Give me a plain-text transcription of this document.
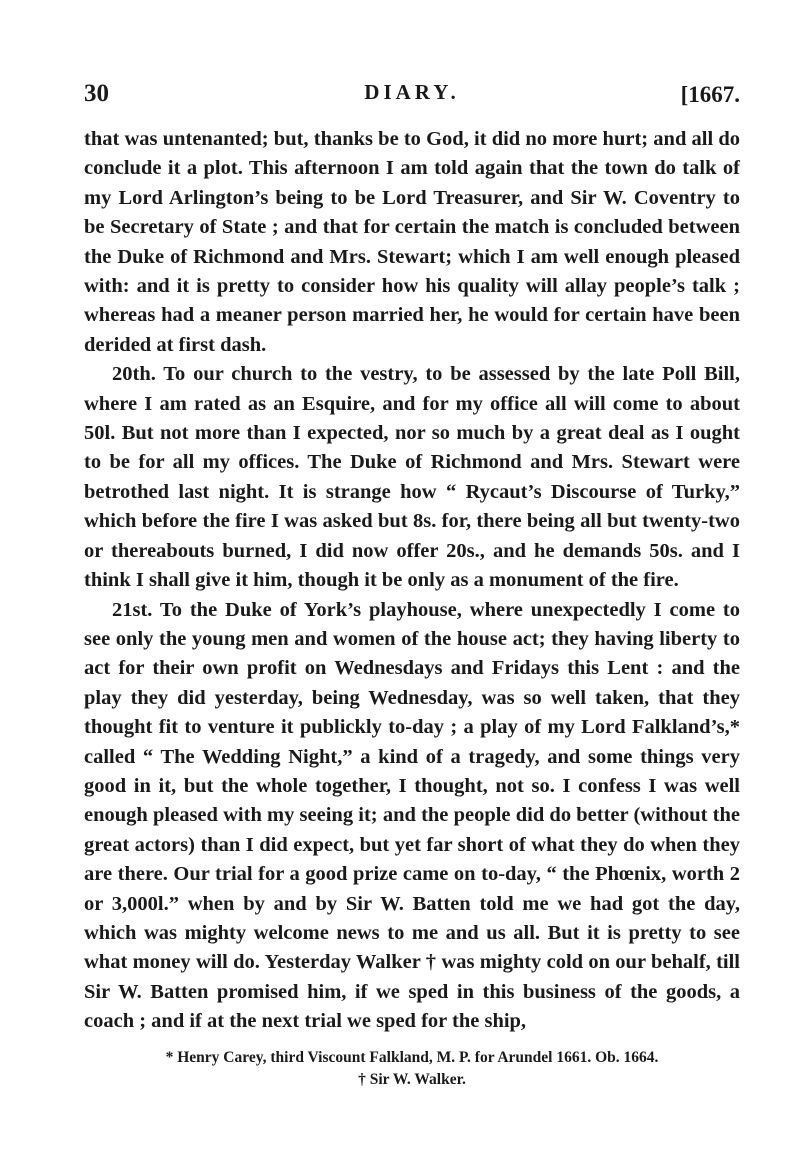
30	DIARY.	[1667.

that was untenanted; but, thanks be to God, it did no more hurt; and all do conclude it a plot. This afternoon I am told again that the town do talk of my Lord Arlington’s being to be Lord Treasurer, and Sir W. Coventry to be Secretary of State ; and that for certain the match is concluded between the Duke of Richmond and Mrs. Stewart; which I am well enough pleased with: and it is pretty to consider how his quality will allay people’s talk ; whereas had a meaner person married her, he would for certain have been derided at first dash.

20th. To our church to the vestry, to be assessed by the late Poll Bill, where I am rated as an Esquire, and for my office all will come to about 50l. But not more than I expected, nor so much by a great deal as I ought to be for all my offices. The Duke of Richmond and Mrs. Stewart were betrothed last night. It is strange how “ Rycaut’s Discourse of Turky,” which before the fire I was asked but 8s. for, there being all but twenty-two or thereabouts burned, I did now offer 20s., and he demands 50s. and I think I shall give it him, though it be only as a monument of the fire.

21st. To the Duke of York’s playhouse, where unexpectedly I come to see only the young men and women of the house act; they having liberty to act for their own profit on Wednesdays and Fridays this Lent : and the play they did yesterday, being Wednesday, was so well taken, that they thought fit to venture it publickly to-day ; a play of my Lord Falkland’s,* called “ The Wedding Night,” a kind of a tragedy, and some things very good in it, but the whole together, I thought, not so. I confess I was well enough pleased with my seeing it; and the people did do better (without the great actors) than I did expect, but yet far short of what they do when they are there. Our trial for a good prize came on to-day, “ the Phœnix, worth 2 or 3,000l.” when by and by Sir W. Batten told me we had got the day, which was mighty welcome news to me and us all. But it is pretty to see what money will do. Yesterday Walker † was mighty cold on our behalf, till Sir W. Batten promised him, if we sped in this business of the goods, a coach ; and if at the next trial we sped for the ship,

* Henry Carey, third Viscount Falkland, M. P. for Arundel 1661. Ob. 1664.

† Sir W. Walker.
